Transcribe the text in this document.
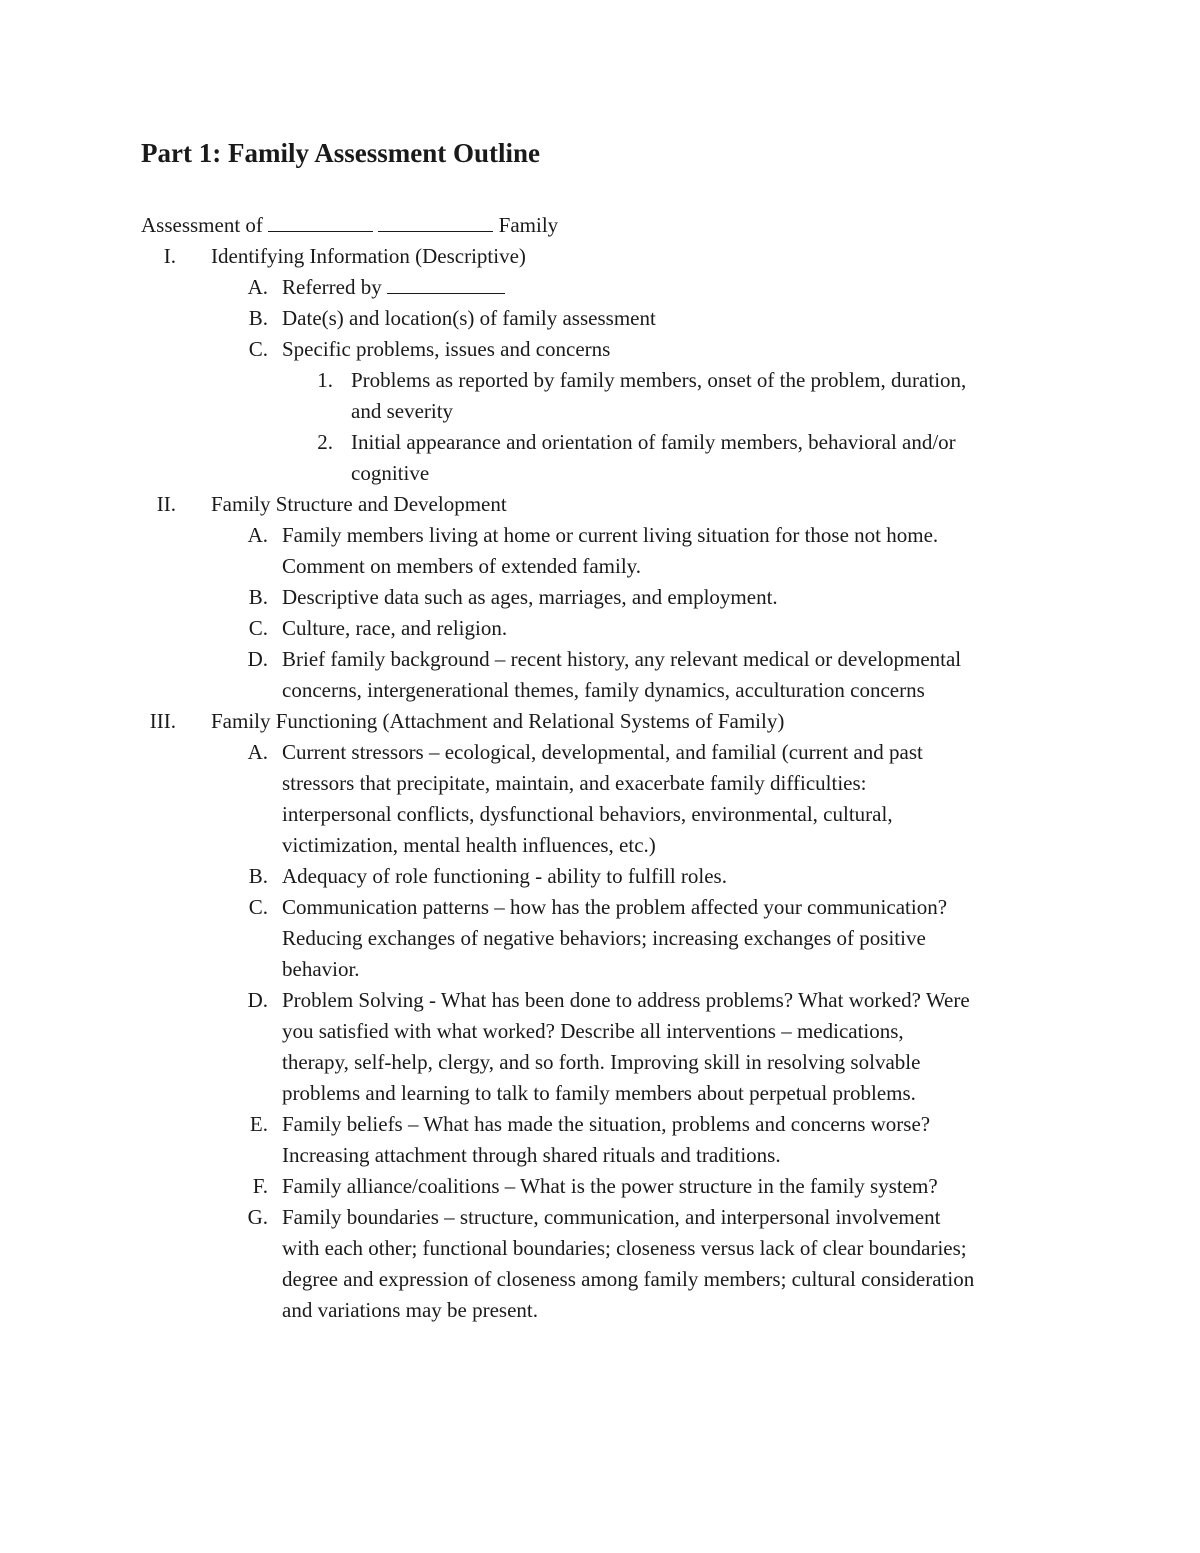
Part 1: Family Assessment Outline
Assessment of	Family
I. Identifying Information (Descriptive)
A. Referred by
B. Date(s) and location(s) of family assessment
C. Specific problems, issues and concerns
1. Problems as reported by family members, onset of the problem, duration,
and severity
2. Initial appearance and orientation of family members, behavioral and/or
cognitive
II. Family Structure and Development
A. Family members living at home or current living situation for those not home.
Comment on members of extended family.
B. Descriptive data such as ages, marriages, and employment.
C. Culture, race, and religion.
D. Brief family background – recent history, any relevant medical or developmental
concerns, intergenerational themes, family dynamics, acculturation concerns
III. Family Functioning (Attachment and Relational Systems of Family)
A. Current stressors – ecological, developmental, and familial (current and past
stressors that precipitate, maintain, and exacerbate family difficulties:
interpersonal conflicts, dysfunctional behaviors, environmental, cultural,
victimization, mental health influences, etc.)
B. Adequacy of role functioning - ability to fulfill roles.
C. Communication patterns – how has the problem affected your communication?
Reducing exchanges of negative behaviors; increasing exchanges of positive
behavior.
D. Problem Solving - What has been done to address problems? What worked? Were
you satisfied with what worked? Describe all interventions – medications,
therapy, self-help, clergy, and so forth. Improving skill in resolving solvable
problems and learning to talk to family members about perpetual problems.
E. Family beliefs – What has made the situation, problems and concerns worse?
Increasing attachment through shared rituals and traditions.
F. Family alliance/coalitions – What is the power structure in the family system?
G. Family boundaries – structure, communication, and interpersonal involvement
with each other; functional boundaries; closeness versus lack of clear boundaries;
degree and expression of closeness among family members; cultural consideration
and variations may be present.
